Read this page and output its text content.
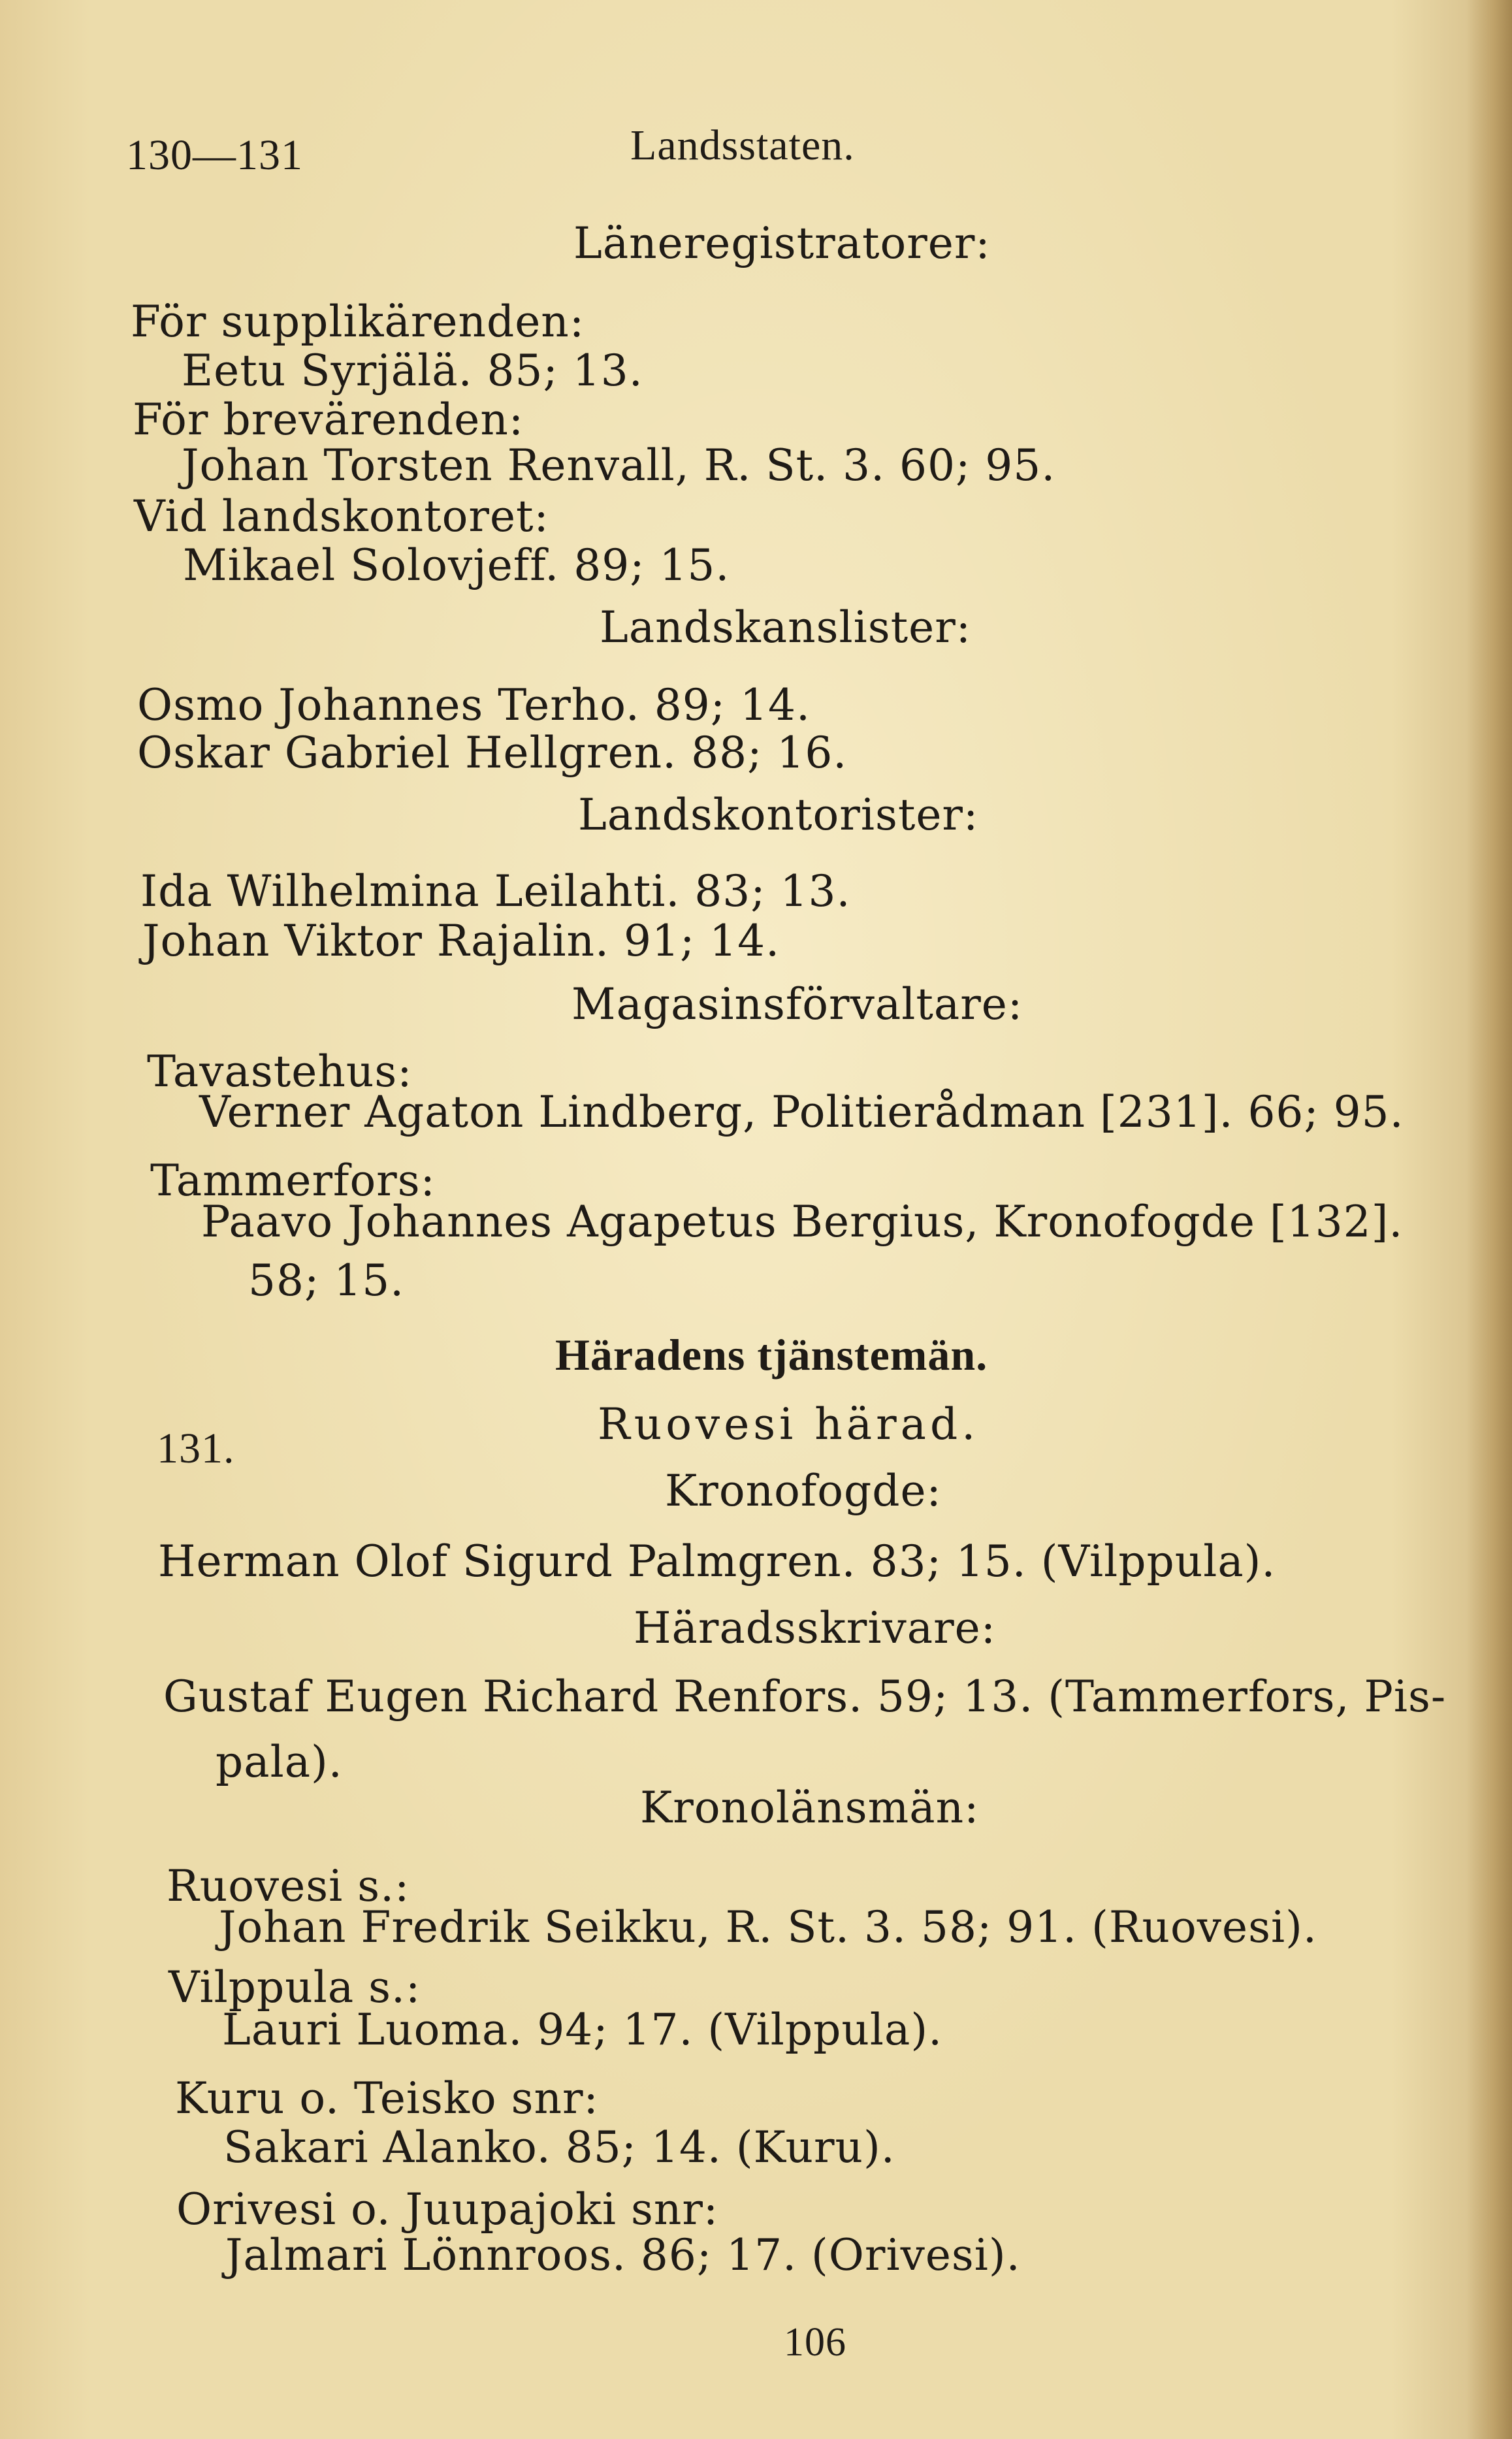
130—131	Landsstaten.
Läneregistratorer:
För supplikärenden:
Eetu Syrjälä. 85; 13.
För brevärenden:
Johan Torsten Renvall, R. St. 3. 60; 95.
Vid landskontoret:
Mikael Solovjeff. 89; 15.
Landskanslister:
Osmo Johannes Terho. 89; 14.
Oskar Gabriel Hellgren. 88; 16.
Landskontorister:
Ida Wilhelmina Leilahti. 83; 13.
Johan Viktor Rajalin. 91; 14.
Magasinsförvaltare:
Tavastehus:
Verner Agaton Lindberg, Politierådman [231]. 66; 95.
Tammerfors:
Paavo Johannes Agapetus Bergius, Kronofogde [132].
58; 15.
Häradens tjänstemän.
131.	Ruovesi härad.
Kronofogde:
Herman Olof Sigurd Palmgren. 83; 15. (Vilppula).
Häradsskrivare:
Gustaf Eugen Richard Renfors. 59; 13. (Tammerfors, Pis-
pala).
Kronolänsmän:
Ruovesi s.:
Johan Fredrik Seikku, R. St. 3. 58; 91. (Ruovesi).
Vilppula s.:
Lauri Luoma. 94; 17. (Vilppula).
Kuru o. Teisko snr:
Sakari Alanko. 85; 14. (Kuru).
Orivesi o. Juupajoki snr:
Jalmari Lönnroos. 86; 17. (Orivesi).
106
